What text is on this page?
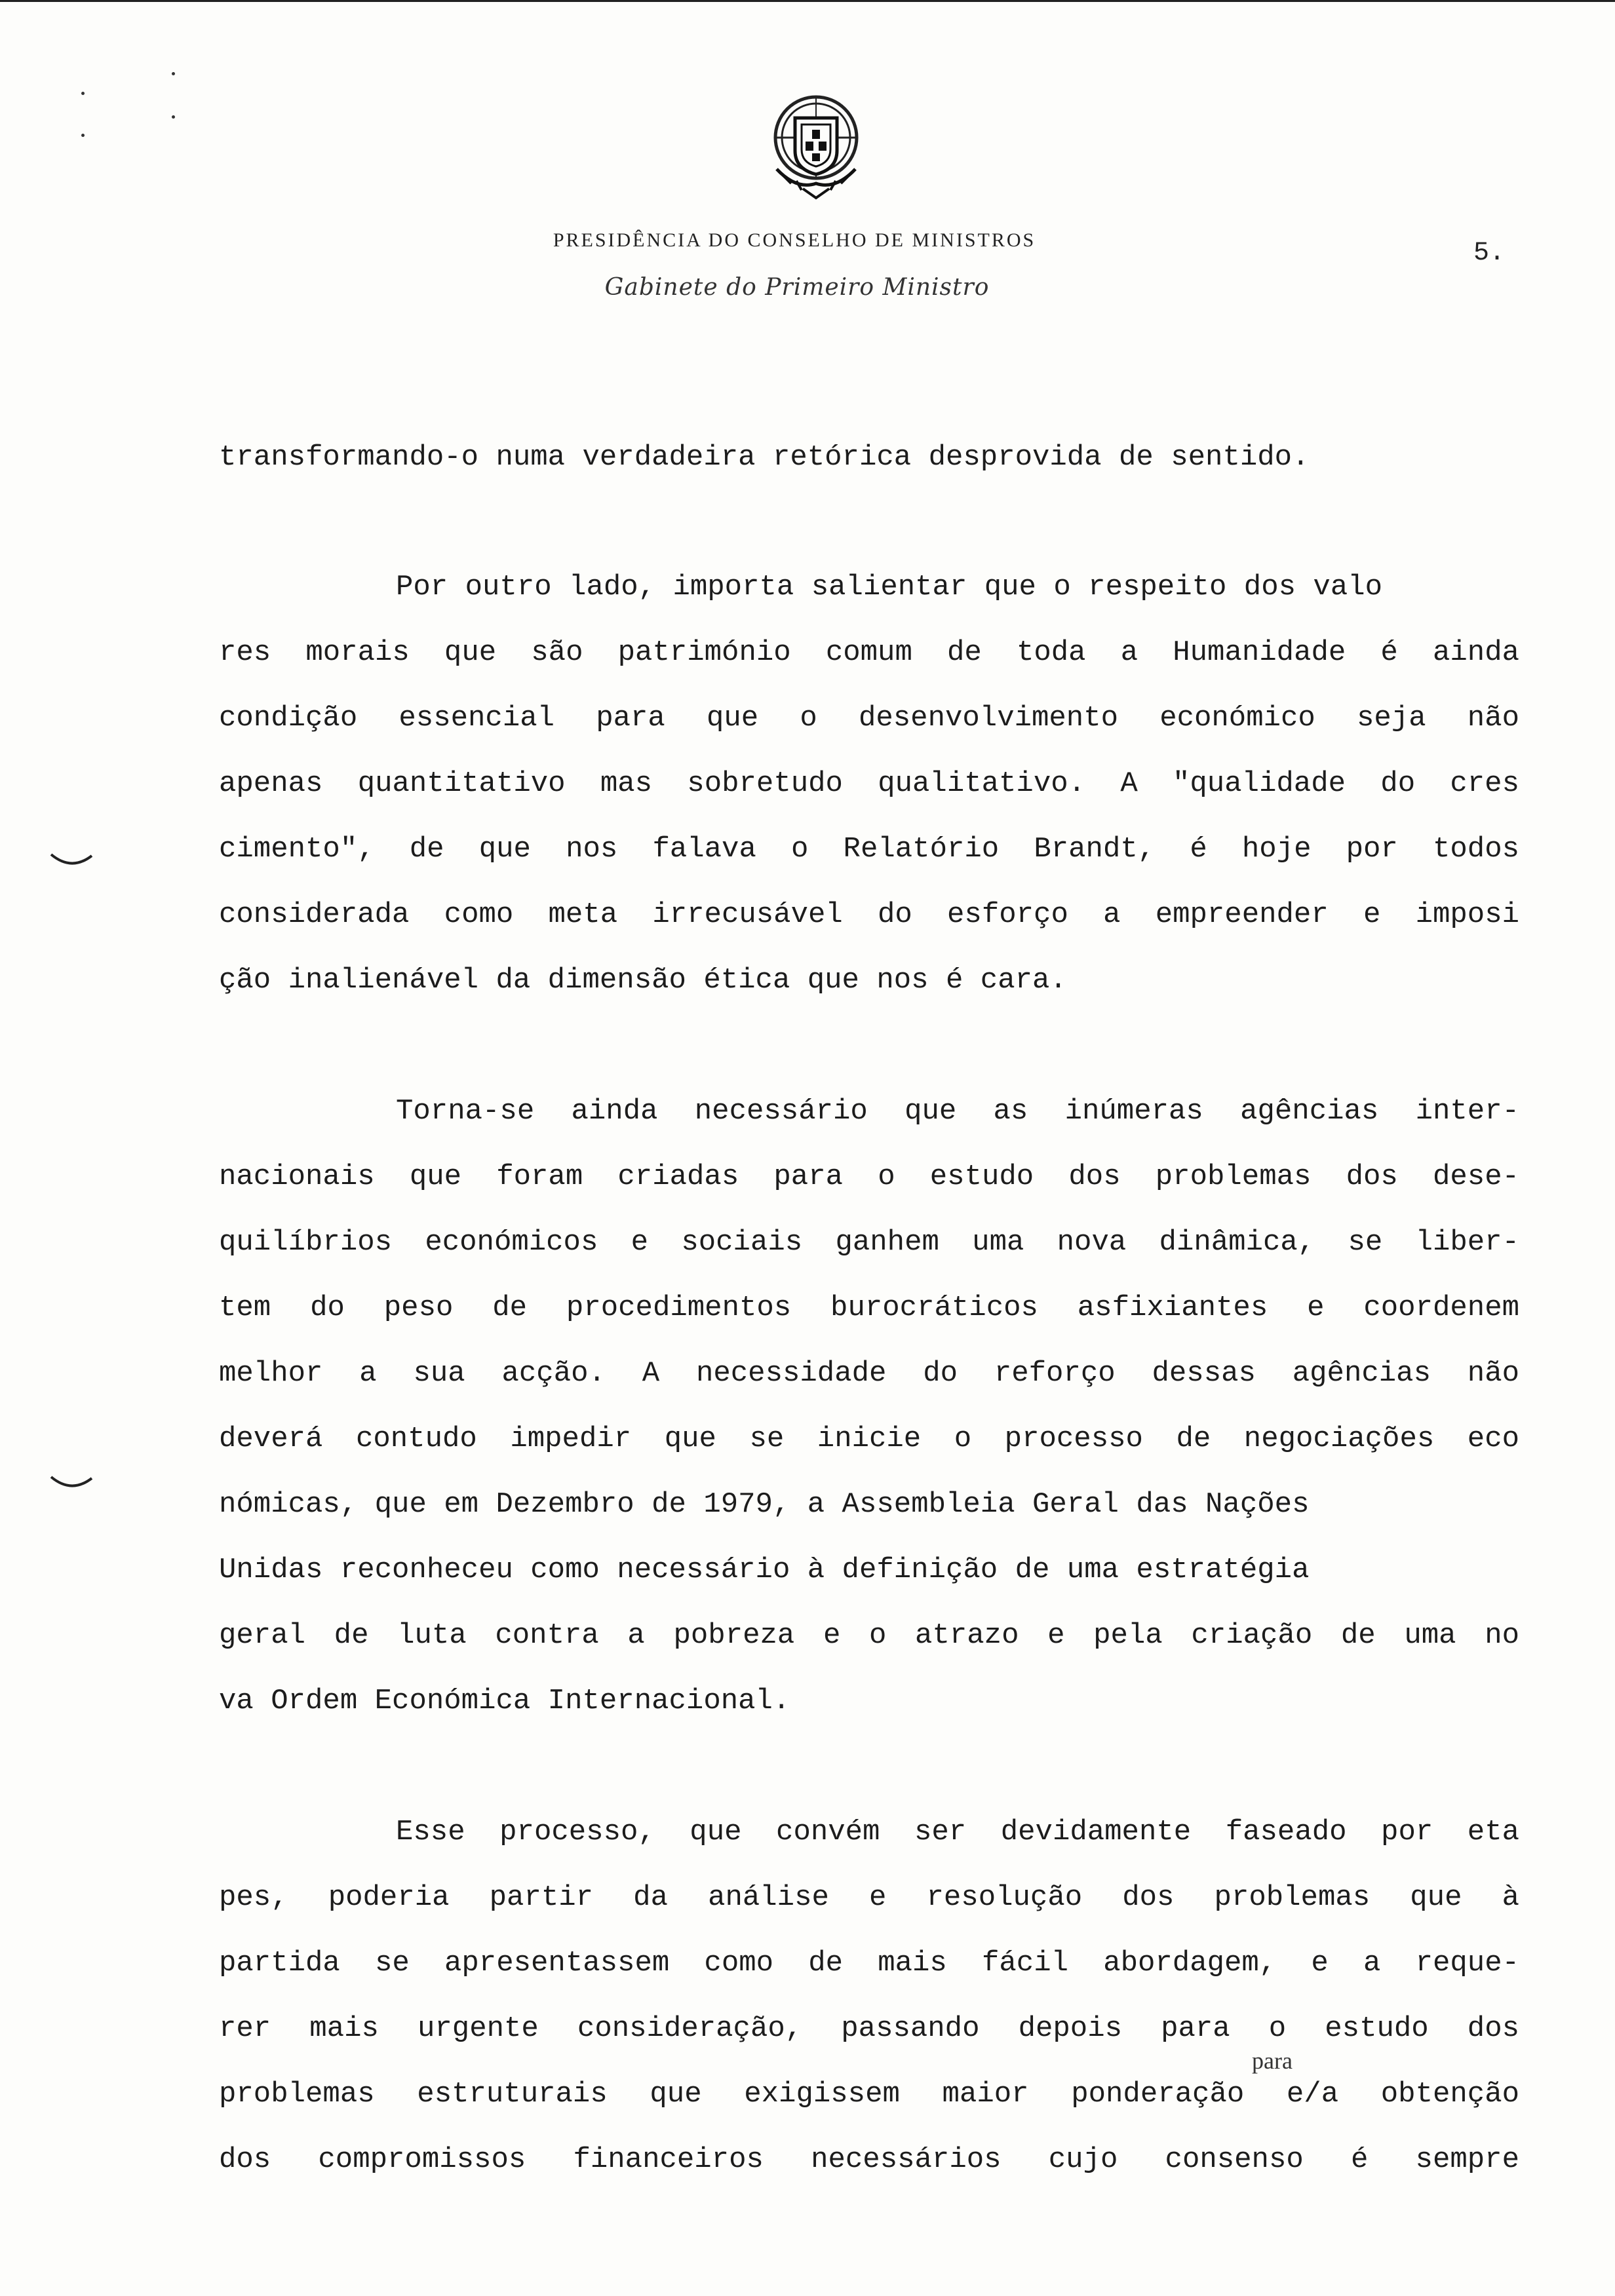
PRESIDÊNCIA DO CONSELHO DE MINISTROS
Gabinete do Primeiro Ministro
5.
transformando-o numa verdadeira retórica desprovida de sentido.
Por outro lado, importa salientar que o respeito dos valo
res morais que são património comum de toda a Humanidade é ainda
condição essencial para que o desenvolvimento económico seja não
apenas quantitativo mas sobretudo qualitativo. A "qualidade do cres
cimento", de que nos falava o Relatório Brandt, é hoje por todos
considerada como meta irrecusável do esforço a empreender e imposi
ção inalienável da dimensão ética que nos é cara.
Torna-se ainda necessário que as inúmeras agências inter-
nacionais que foram criadas para o estudo dos problemas dos dese-
quilíbrios económicos e sociais ganhem uma nova dinâmica, se liber-
tem do peso de procedimentos burocráticos asfixiantes e coordenem
melhor a sua acção. A necessidade do reforço dessas agências não
deverá contudo impedir que se inicie o processo de negociações eco
nómicas, que em Dezembro de 1979, a Assembleia Geral das Nações
Unidas reconheceu como necessário à definição de uma estratégia
geral de luta contra a pobreza e o atrazo e pela criação de uma no
va Ordem Económica Internacional.
Esse processo, que convém ser devidamente faseado por eta
pes, poderia partir da análise e resolução dos problemas que à
partida se apresentassem como de mais fácil abordagem, e a reque-
rer mais urgente consideração, passando depois para o estudo dos
para
problemas estruturais que exigissem maior ponderação e/a obtenção
dos compromissos financeiros necessários cujo consenso é sempre
